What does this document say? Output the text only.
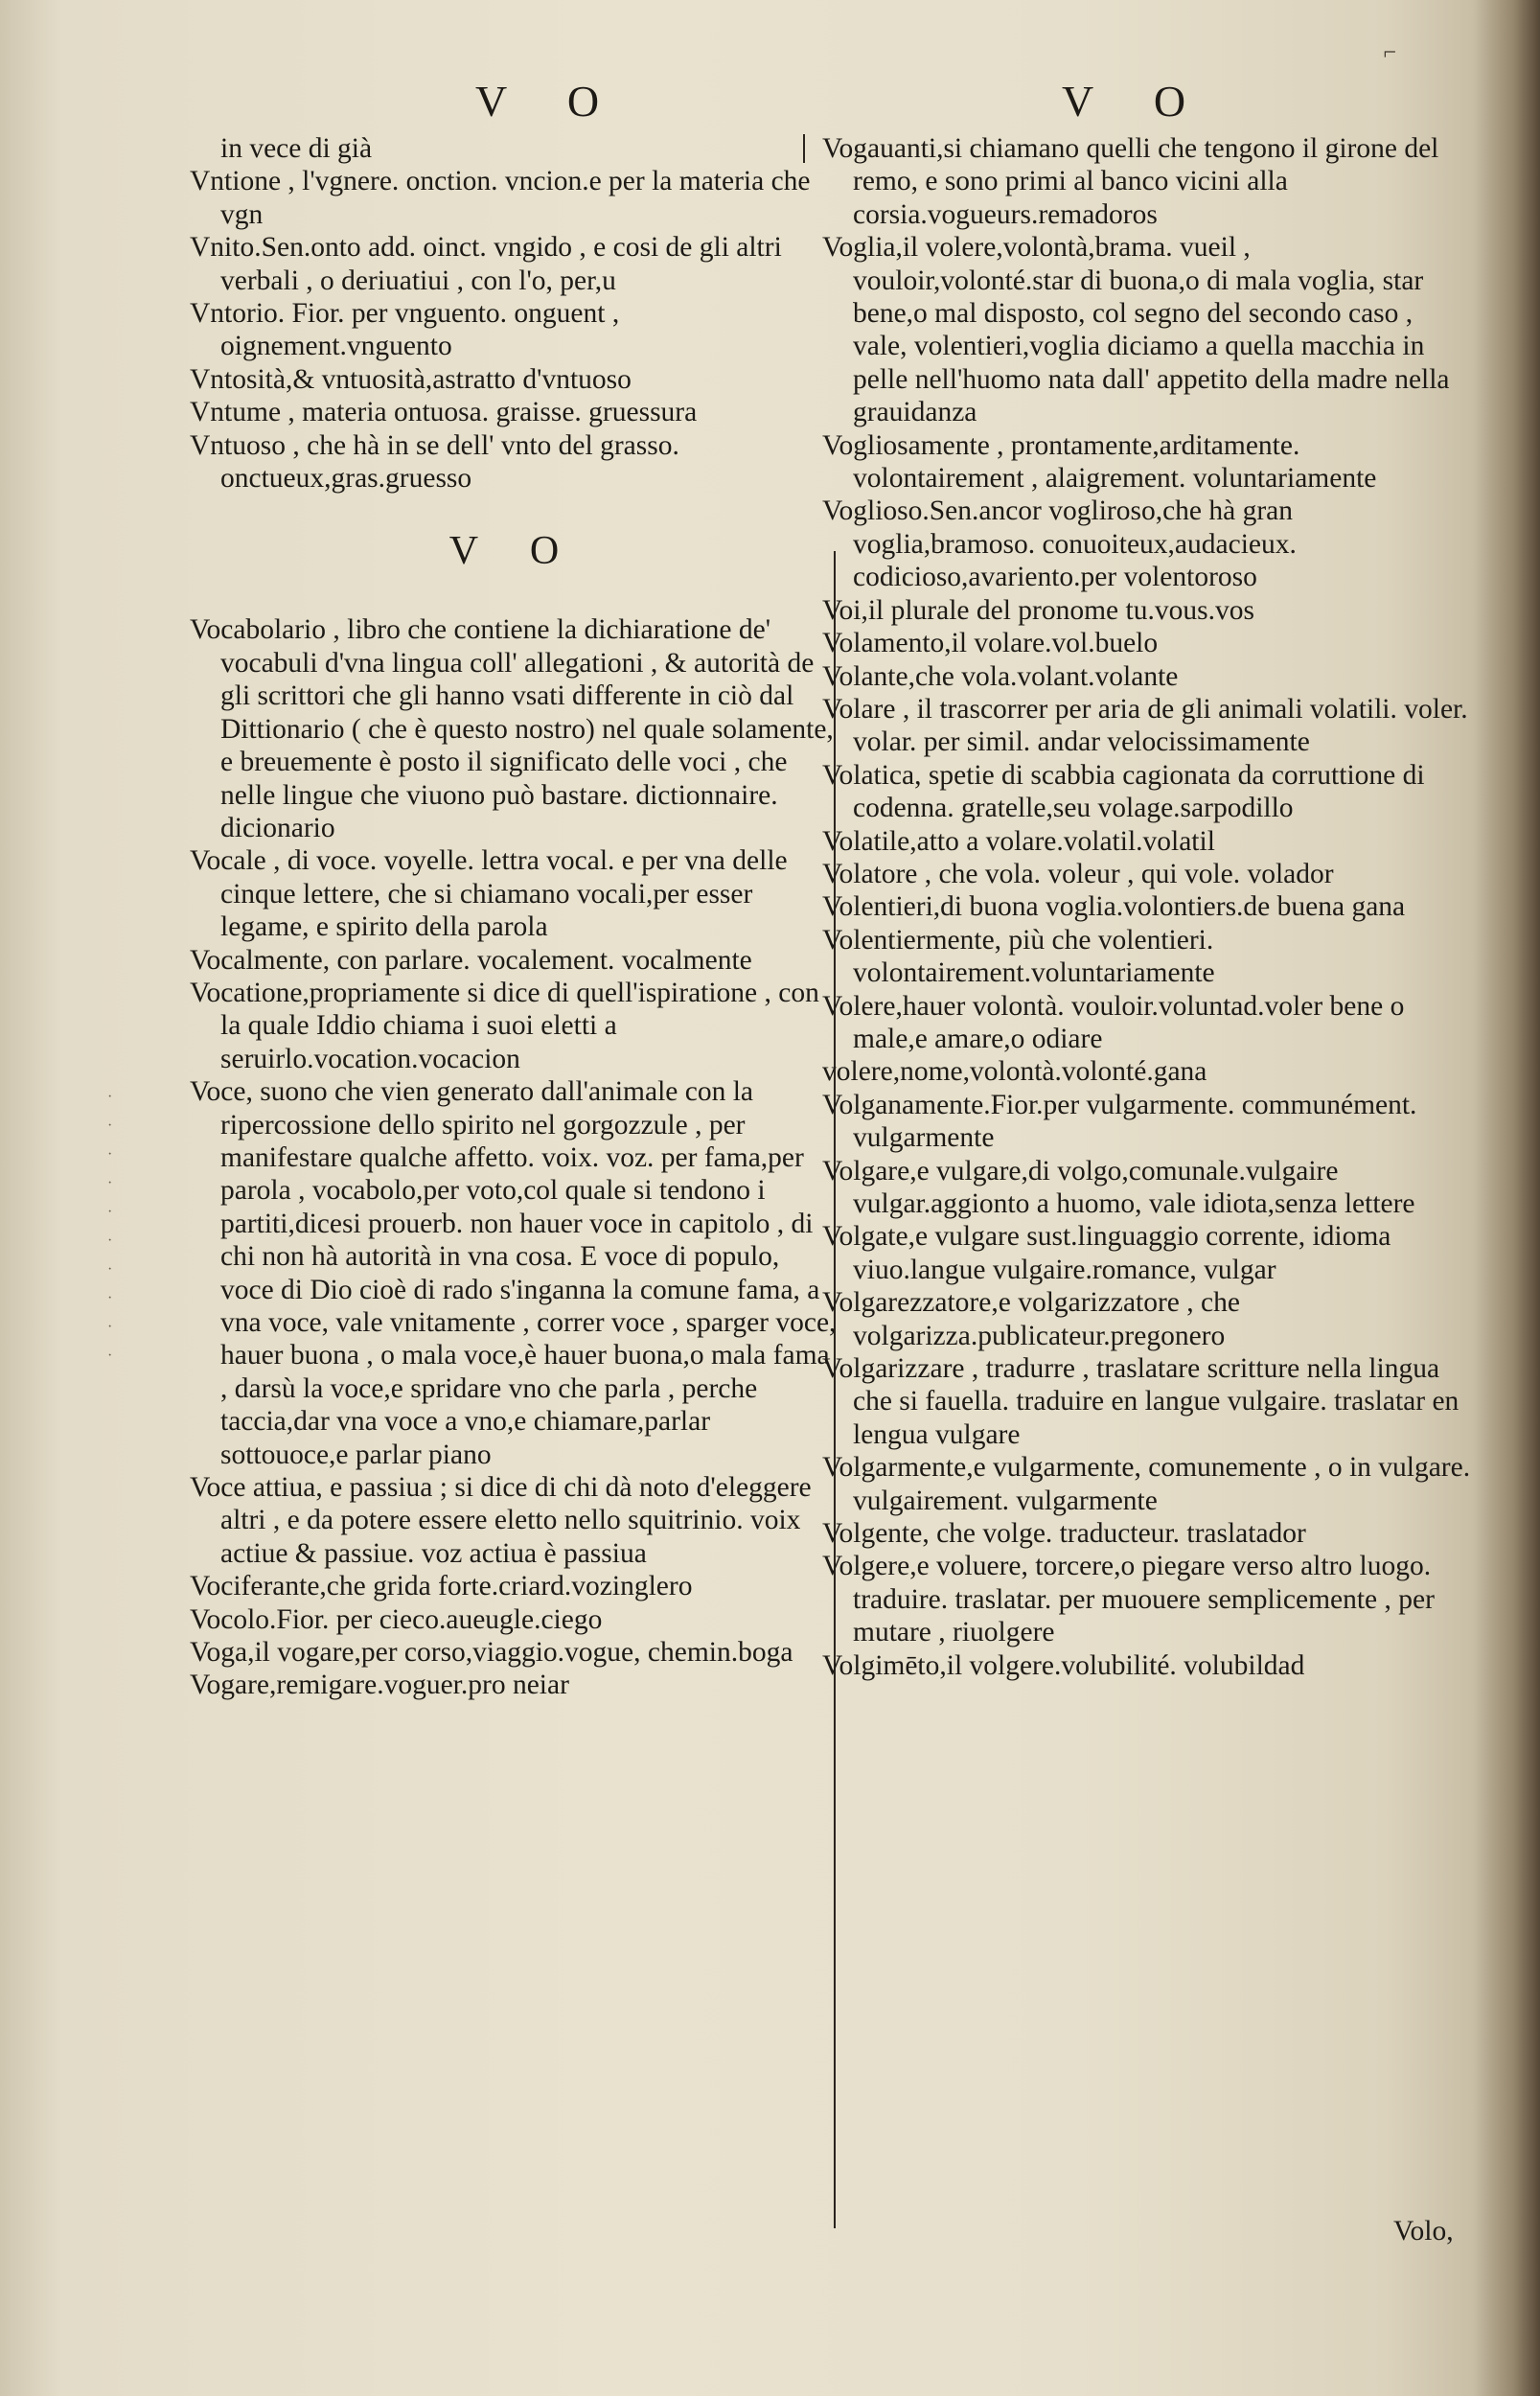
⌐
V O	V O
·
·
·
·
·
·
·
·
·
·

in vece di già

Vntione , l'vgnere. onction. vncion.e per la materia che vgn

Vnito.Sen.onto add. oinct. vngido , e cosi de gli altri verbali , o deriuatiui , con l'o, per,u

Vntorio. Fior. per vnguento. onguent , oignement.vnguento

Vntosità,& vntuosità,astratto d'vntuoso

Vntume , materia ontuosa. graisse. gruessura

Vntuoso , che hà in se dell' vnto del grasso. onctueux,gras.gruesso

V O

Vocabolario , libro che contiene la dichiaratione de' vocabuli d'vna lingua coll' allegationi , & autorità de gli scrittori che gli hanno vsati differente in ciò dal Dittionario ( che è questo nostro) nel quale solamente, e breuemente è posto il significato delle voci , che nelle lingue che viuono può bastare. dictionnaire. dicionario

Vocale , di voce. voyelle. lettra vocal. e per vna delle cinque lettere, che si chiamano vocali,per esser legame, e spirito della parola

Vocalmente, con parlare. vocalement. vocalmente

Vocatione,propriamente si dice di quell'ispiratione , con la quale Iddio chiama i suoi eletti a seruirlo.vocation.vocacion

Voce, suono che vien generato dall'animale con la ripercossione dello spirito nel gorgozzule , per manifestare qualche affetto. voix. voz. per fama,per parola , vocabolo,per voto,col quale si tendono i partiti,dicesi prouerb. non hauer voce in capitolo , di chi non hà autorità in vna cosa. E voce di populo, voce di Dio cioè di rado s'inganna la comune fama, a vna voce, vale vnitamente , correr voce , sparger voce, hauer buona , o mala voce,è hauer buona,o mala fama , darsù la voce,e spridare vno che parla , perche taccia,dar vna voce a vno,e chiamare,parlar sottouoce,e parlar piano

Voce attiua, e passiua ; si dice di chi dà noto d'eleggere altri , e da potere essere eletto nello squitrinio. voix actiue & passiue. voz actiua è passiua

Vociferante,che grida forte.criard.vozinglero

Vocolo.Fior. per cieco.aueugle.ciego

Voga,il vogare,per corso,viaggio.vogue, chemin.boga

Vogare,remigare.voguer.pro neiar

Vogauanti,si chiamano quelli che tengono il girone del remo, e sono primi al banco vicini alla corsia.vogueurs.remadoros

Voglia,il volere,volontà,brama. vueil , vouloir,volonté.star di buona,o di mala voglia, star bene,o mal disposto, col segno del secondo caso , vale, volentieri,voglia diciamo a quella macchia in pelle nell'huomo nata dall' appetito della madre nella grauidanza

Vogliosamente , prontamente,arditamente. volontairement , alaigrement. voluntariamente

Voglioso.Sen.ancor vogliroso,che hà gran voglia,bramoso. conuoiteux,audacieux. codicioso,avariento.per volentoroso

Voi,il plurale del pronome tu.vous.vos

Volamento,il volare.vol.buelo

Volante,che vola.volant.volante

Volare , il trascorrer per aria de gli animali volatili. voler. volar. per simil. andar velocissimamente

Volatica, spetie di scabbia cagionata da corruttione di codenna. gratelle,seu volage.sarpodillo

Volatile,atto a volare.volatil.volatil

Volatore , che vola. voleur , qui vole. volador

Volentieri,di buona voglia.volontiers.de buena gana

Volentiermente, più che volentieri. volontairement.voluntariamente

Volere,hauer volontà. vouloir.voluntad.voler bene o male,e amare,o odiare

volere,nome,volontà.volonté.gana

Volganamente.Fior.per vulgarmente. communément. vulgarmente

Volgare,e vulgare,di volgo,comunale.vulgaire vulgar.aggionto a huomo, vale idiota,senza lettere

Volgate,e vulgare sust.linguaggio corrente, idioma viuo.langue vulgaire.romance, vulgar

Volgarezzatore,e volgarizzatore , che volgarizza.publicateur.pregonero

Volgarizzare , tradurre , traslatare scritture nella lingua che si fauella. traduire en langue vulgaire. traslatar en lengua vulgare

Volgarmente,e vulgarmente, comunemente , o in vulgare. vulgairement. vulgarmente

Volgente, che volge. traducteur. traslatador

Volgere,e voluere, torcere,o piegare verso altro luogo. traduire. traslatar. per muouere semplicemente , per mutare , riuolgere

Volgimēto,il volgere.volubilité. volubildad

Volo,
